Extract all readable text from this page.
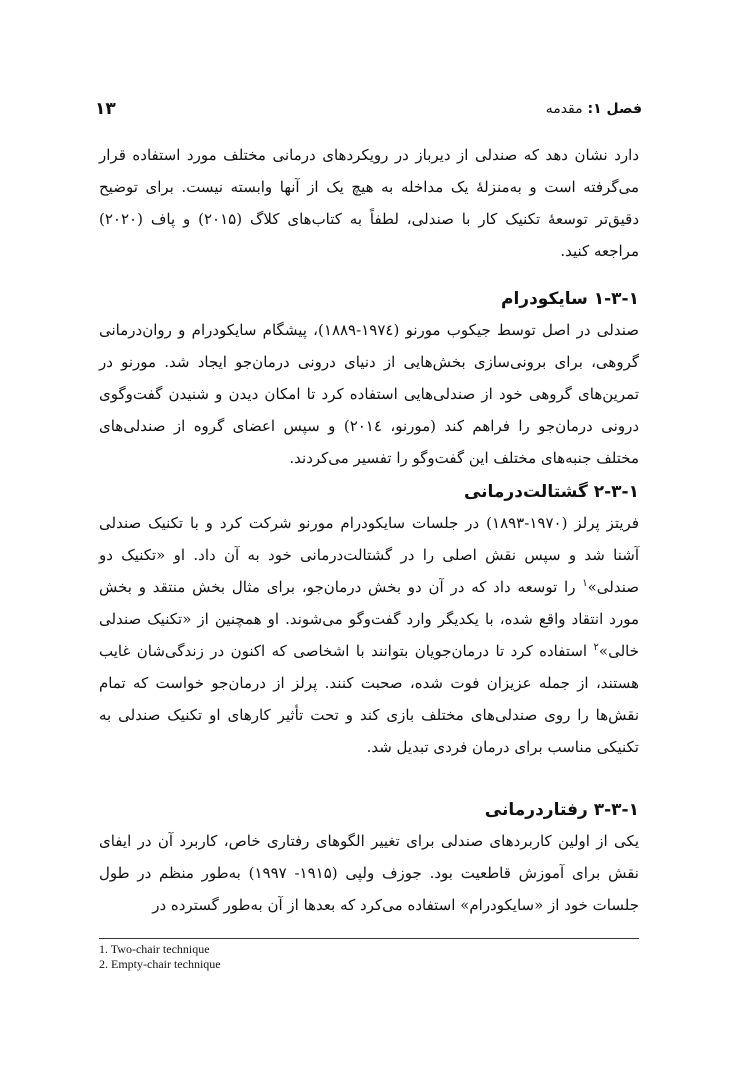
فصل ۱: مقدمه
۱۳

دارد نشان دهد که صندلی از دیرباز در رویکردهای درمانی مختلف مورد استفاده قرار می‌گرفته است و به‌منزلهٔ یک مداخله به هیچ یک از آنها وابسته نیست. برای توضیح دقیق‌تر توسعهٔ تکنیک کار با صندلی، لطفاً به کتاب‌های کلاگ (۲۰۱۵) و پاف (۲۰۲۰) مراجعه کنید.

۱-۳-۱ سایکودرام

صندلی در اصل توسط جیکوب مورنو (۱۹۷٤-۱۸۸۹)، پیشگام سایکودرام و روان‌درمانی گروهی، برای برونی‌سازی بخش‌هایی از دنیای درونی درمان‌جو ایجاد شد. مورنو در تمرین‌های گروهی خود از صندلی‌هایی استفاده کرد تا امکان دیدن و شنیدن گفت‌وگوی درونی درمان‌جو را فراهم کند (مورنو، ۲۰۱٤) و سپس اعضای گروه از صندلی‌های مختلف جنبه‌های مختلف این گفت‌وگو را تفسیر می‌کردند.

۲-۳-۱ گشتالت‌درمانی

فریتز پرلز (۱۹۷۰-۱۸۹۳) در جلسات سایکودرام مورنو شرکت کرد و با تکنیک صندلی آشنا شد و سپس نقش اصلی را در گشتالت‌درمانی خود به آن داد. او «تکنیک دو صندلی»$^۱$ را توسعه داد که در آن دو بخش درمان‌جو، برای مثال بخش منتقد و بخش مورد انتقاد واقع شده، با یکدیگر وارد گفت‌وگو می‌شوند. او همچنین از «تکنیک صندلی خالی»$^۲$ استفاده کرد تا درمان‌جویان بتوانند با اشخاصی که اکنون در زندگی‌شان غایب هستند، از جمله عزیزان فوت شده، صحبت کنند. پرلز از درمان‌جو خواست که تمام نقش‌ها را روی صندلی‌های مختلف بازی کند و تحت تأثیر کارهای او تکنیک صندلی به تکنیکی مناسب برای درمان فردی تبدیل شد.

۳-۳-۱ رفتاردرمانی

یکی از اولین کاربردهای صندلی برای تغییر الگوهای رفتاری خاص، کاربرد آن در ایفای نقش برای آموزش قاطعیت بود. جوزف ولپی (۱۹۱۵- ۱۹۹۷) به‌طور منظم در طول جلسات خود از «سایکودرام» استفاده می‌کرد که بعدها از آن به‌طور گسترده در

1. Two-chair technique
2. Empty-chair technique
